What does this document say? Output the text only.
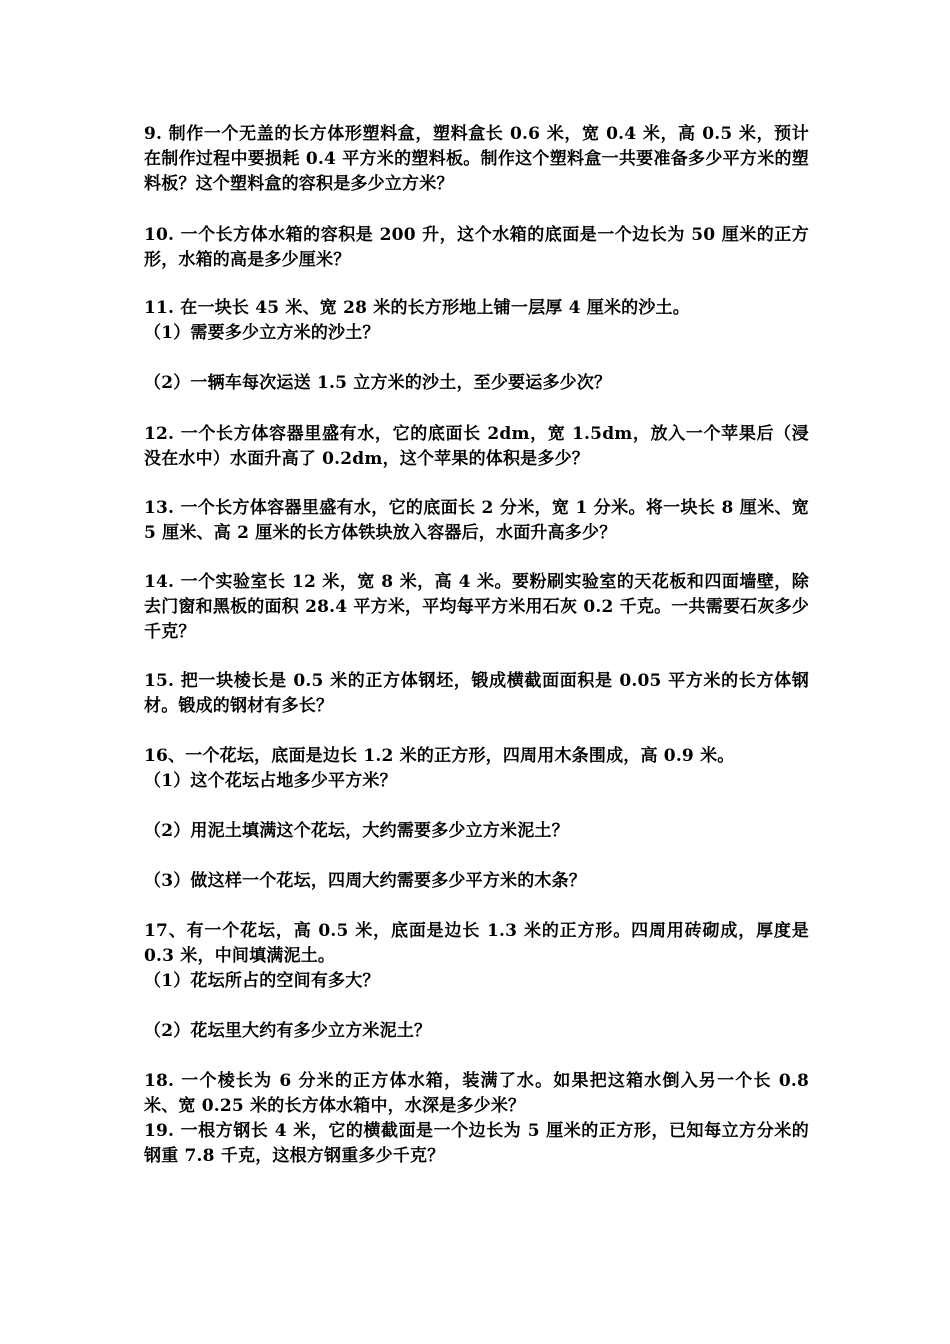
9. 制作一个无盖的长方体形塑料盒，塑料盒长 0.6 米，宽 0.4 米，高 0.5 米，预计在制作过程中要损耗 0.4 平方米的塑料板。制作这个塑料盒一共要准备多少平方米的塑料板？这个塑料盒的容积是多少立方米？
10. 一个长方体水箱的容积是 200 升，这个水箱的底面是一个边长为 50 厘米的正方形，水箱的高是多少厘米？
11. 在一块长 45 米、宽 28 米的长方形地上铺一层厚 4 厘米的沙土。
（1）需要多少立方米的沙土？
（2）一辆车每次运送 1.5 立方米的沙土，至少要运多少次？
12. 一个长方体容器里盛有水，它的底面长 2dm，宽 1.5dm，放入一个苹果后（浸没在水中）水面升高了 0.2dm，这个苹果的体积是多少？
13. 一个长方体容器里盛有水，它的底面长 2 分米，宽 1 分米。将一块长 8 厘米、宽 5 厘米、高 2 厘米的长方体铁块放入容器后，水面升高多少？
14. 一个实验室长 12 米，宽 8 米，高 4 米。要粉刷实验室的天花板和四面墙壁，除去门窗和黑板的面积 28.4 平方米，平均每平方米用石灰 0.2 千克。一共需要石灰多少千克？
15. 把一块棱长是 0.5 米的正方体钢坯，锻成横截面面积是 0.05 平方米的长方体钢材。锻成的钢材有多长？
16、一个花坛，底面是边长 1.2 米的正方形，四周用木条围成，高 0.9 米。
（1）这个花坛占地多少平方米？
（2）用泥土填满这个花坛，大约需要多少立方米泥土？
（3）做这样一个花坛，四周大约需要多少平方米的木条？
17、有一个花坛，高 0.5 米，底面是边长 1.3 米的正方形。四周用砖砌成，厚度是 0.3 米，中间填满泥土。
（1）花坛所占的空间有多大？
（2）花坛里大约有多少立方米泥土？
18. 一个棱长为 6 分米的正方体水箱，装满了水。如果把这箱水倒入另一个长 0.8 米、宽 0.25 米的长方体水箱中，水深是多少米？
19. 一根方钢长 4 米，它的横截面是一个边长为 5 厘米的正方形，已知每立方分米的钢重 7.8 千克，这根方钢重多少千克？
